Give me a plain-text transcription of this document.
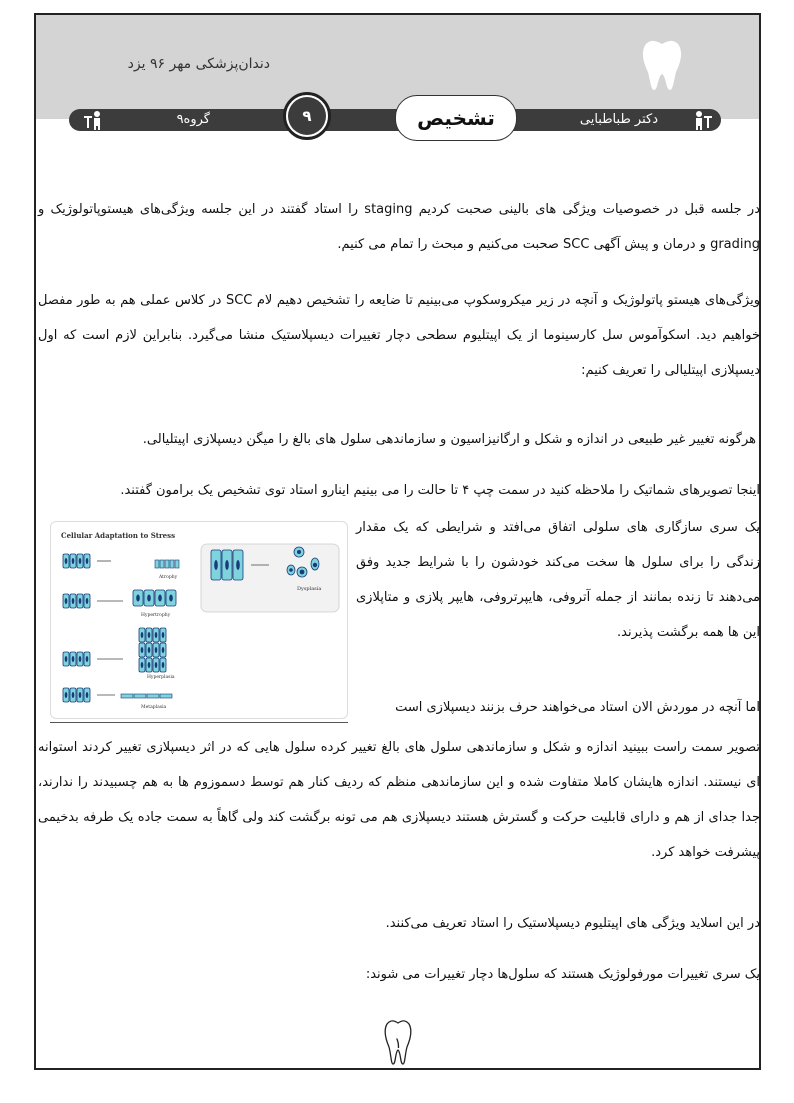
دندان‌پزشکی مهر ۹۶ یزد
دکتر طباطبایی
گروه۹	تشخیص
۹
در جلسه قبل در خصوصیات ویژگی های بالینی صحبت کردیم staging را استاد گفتند در این جلسه ویژگی‌های هیستوپاتولوژیک و grading و درمان و پیش آگهی SCC صحبت می‌کنیم و مبحث را تمام می کنیم.
ویژگی‌های هیستو پاتولوژیک و آنچه در زیر میکروسکوپ می‌بینیم تا ضایعه را تشخیص دهیم لام SCC در کلاس عملی هم به طور مفصل خواهیم دید. اسکوآموس سل کارسینوما از یک اپیتلیوم سطحی دچار تغییرات دیسپلاستیک منشا می‌گیرد. بنابراین لازم است که اول دیسپلازی اپیتلیالی را تعریف کنیم:
هرگونه تغییر غیر طبیعی در اندازه و شکل و ارگانیزاسیون و سازماندهی سلول های بالغ را میگن دیسپلازی اپیتلیالی.
اینجا تصویرهای شماتیک را ملاحظه کنید در سمت چپ ۴ تا حالت را می بینیم اینارو استاد توی تشخیص یک برامون گفتند.
یک سری سازگاری های سلولی اتفاق می‌افتد و شرایطی که یک مقدار زندگی را برای سلول ها سخت می‌کند خودشون را با شرایط جدید وفق می‌دهند تا زنده بمانند از جمله آتروفی، هایپرتروفی، هایپر پلازی و متاپلازی این ها همه برگشت پذیرند.
اما آنچه در موردش الان استاد می‌خواهند حرف بزنند دیسپلازی است
تصویر سمت راست ببینید اندازه و شکل و سازماندهی سلول های بالغ تغییر کرده سلول هایی که در اثر دیسپلازی تغییر کردند استوانه ای نیستند. اندازه هایشان کاملا متفاوت شده و این سازماندهی منظم که ردیف کنار هم توسط دسموزوم ها به هم چسبیدند را ندارند، جدا جدای از هم و دارای قابلیت حرکت و گسترش هستند دیسپلازی هم می تونه برگشت کند ولی گاهاً به سمت جاده یک طرفه بدخیمی پیشرفت خواهد کرد.
در این اسلاید ویژگی های اپیتلیوم دیسپلاستیک را استاد تعریف می‌کنند.
یک سری تغییرات مورفولوژیک هستند که سلول‌ها دچار تغییرات می شوند:
Cellular Adaptation to Stress
Atrophy
Hypertrophy
Hyperplasia
Metaplasia
Dysplasia
۱
